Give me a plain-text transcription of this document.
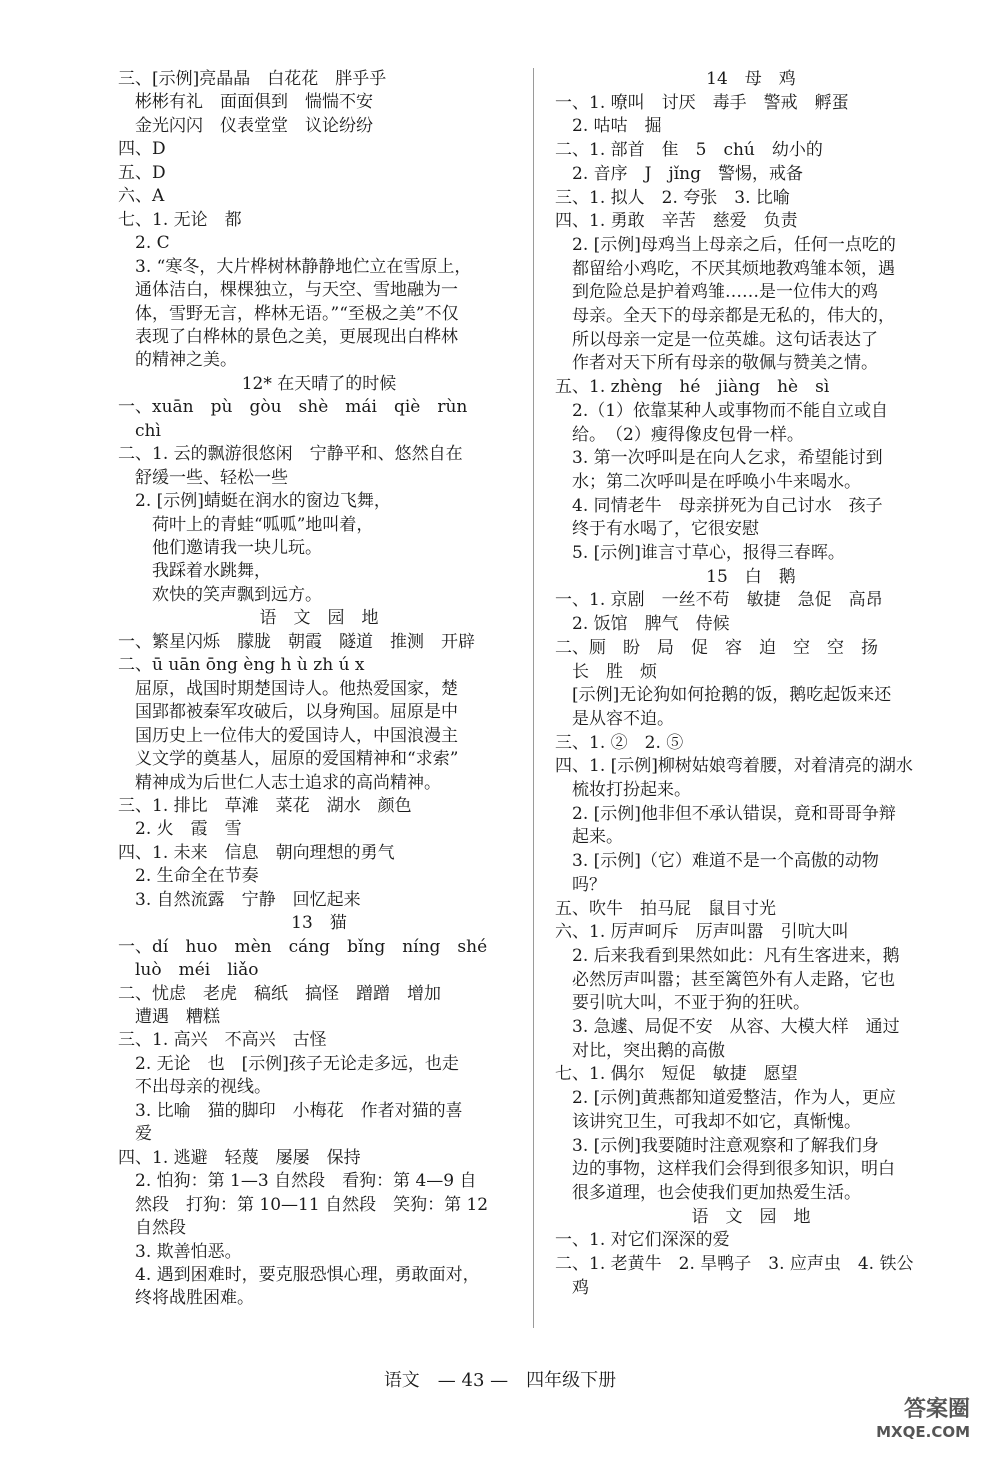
三、[示例]亮晶晶　白花花　胖乎乎
　彬彬有礼　面面俱到　惴惴不安
　金光闪闪　仪表堂堂　议论纷纷
四、D
五、D
六、A
七、1. 无论　都
　2. C
　3. “寒冬，大片桦树林静静地伫立在雪原上，
　通体洁白，棵棵独立，与天空、雪地融为一
　体，雪野无言，桦林无语。”“至极之美”不仅
　表现了白桦林的景色之美，更展现出白桦林
　的精神之美。
12* 在天晴了的时候
一、xuān　pù　gòu　shè　mái　qiè　rùn
　chì
二、1. 云的飘游很悠闲　宁静平和、悠然自在
　舒缓一些、轻松一些
　2. [示例]蜻蜓在润水的窗边飞舞，
　　荷叶上的青蛙“呱呱”地叫着，
　　他们邀请我一块儿玩。
　　我踩着水跳舞，
　　欢快的笑声飘到远方。
语　文　园　地
一、繁星闪烁　朦胧　朝霞　隧道　推测　开辟
二、ū uān ōng èng h ù zh ú x
　屈原，战国时期楚国诗人。他热爱国家，楚
　国郢都被秦军攻破后，以身殉国。屈原是中
　国历史上一位伟大的爱国诗人，中国浪漫主
　义文学的奠基人，屈原的爱国精神和“求索”
　精神成为后世仁人志士追求的高尚精神。
三、1. 排比　草滩　菜花　湖水　颜色
　2. 火　霞　雪
四、1. 未来　信息　朝向理想的勇气
　2. 生命全在节奏
　3. 自然流露　宁静　回忆起来
13　猫
一、dí　huo　mèn　cáng　bǐng　níng　shé
　luò　méi　liǎo
二、忧虑　老虎　稿纸　搞怪　蹭蹭　增加
　遭遇　糟糕
三、1. 高兴　不高兴　古怪
　2. 无论　也　[示例]孩子无论走多远，也走
　不出母亲的视线。
　3. 比喻　猫的脚印　小梅花　作者对猫的喜
　爱
四、1. 逃避　轻蔑　屡屡　保持
　2. 怕狗：第 1—3 自然段　看狗：第 4—9 自
　然段　打狗：第 10—11 自然段　笑狗：第 12
　自然段
　3. 欺善怕恶。
　4. 遇到困难时，要克服恐惧心理，勇敢面对，
　终将战胜困难。
14　母　鸡
一、1. 嘹叫　讨厌　毒手　警戒　孵蛋
　2. 咕咕　掘
二、1. 部首　隹　5　chú　幼小的
　2. 音序　J　jǐng　警惕，戒备
三、1. 拟人　2. 夸张　3. 比喻
四、1. 勇敢　辛苦　慈爱　负责
　2. [示例]母鸡当上母亲之后，任何一点吃的
　都留给小鸡吃，不厌其烦地教鸡雏本领，遇
　到危险总是护着鸡雏……是一位伟大的鸡
　母亲。全天下的母亲都是无私的，伟大的，
　所以母亲一定是一位英雄。这句话表达了
　作者对天下所有母亲的敬佩与赞美之情。
五、1. zhèng　hé　jiàng　hè　sì
　2.（1）依靠某种人或事物而不能自立或自
　给。　（2）瘦得像皮包骨一样。
　3. 第一次呼叫是在向人乞求，希望能讨到
　水；第二次呼叫是在呼唤小牛来喝水。
　4. 同情老牛　母亲拼死为自己讨水　孩子
　终于有水喝了，它很安慰
　5. [示例]谁言寸草心，报得三春晖。
15　白　鹅
一、1. 京剧　一丝不苟　敏捷　急促　高昂
　2. 饭馆　脾气　侍候
二、厕　盼　局　促　容　迫　空　空　扬
　长　胜　烦
　[示例]无论狗如何抢鹅的饭，鹅吃起饭来还
　是从容不迫。
三、1. ②　2. ⑤
四、1. [示例]柳树姑娘弯着腰，对着清亮的湖水
　梳妆打扮起来。
　2. [示例]他非但不承认错误，竟和哥哥争辩
　起来。
　3. [示例]（它）难道不是一个高傲的动物
　吗？
五、吹牛　拍马屁　鼠目寸光
六、1. 厉声呵斥　厉声叫嚣　引吭大叫
　2. 后来我看到果然如此：凡有生客进来，鹅
　必然厉声叫嚣；甚至篱笆外有人走路，它也
　要引吭大叫，不亚于狗的狂吠。
　3. 急遽、局促不安　从容、大模大样　通过
　对比，突出鹅的高傲
七、1. 偶尔　短促　敏捷　愿望
　2. [示例]黄燕都知道爱整洁，作为人，更应
　该讲究卫生，可我却不如它，真惭愧。
　3. [示例]我要随时注意观察和了解我们身
　边的事物，这样我们会得到很多知识，明白
　很多道理，也会使我们更加热爱生活。
语　文　园　地
一、1. 对它们深深的爱
二、1. 老黄牛　2. 旱鸭子　3. 应声虫　4. 铁公
　鸡
语文　— 43 —　四年级下册
答案圈
MXQE.COM
